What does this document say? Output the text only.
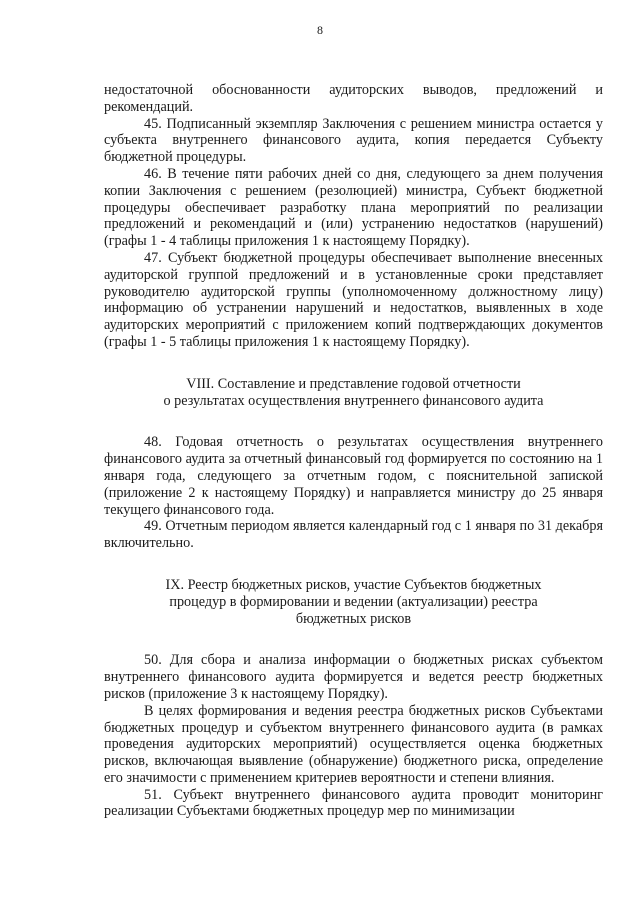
8

недостаточной обоснованности аудиторских выводов, предложений и рекомендаций.

45. Подписанный экземпляр Заключения с решением министра остается у субъекта внутреннего финансового аудита, копия передается Субъекту бюджетной процедуры.

46. В течение пяти рабочих дней со дня, следующего за днем получения копии Заключения с решением (резолюцией) министра, Субъект бюджетной процедуры обеспечивает разработку плана мероприятий по реализации предложений и рекомендаций и (или) устранению недостатков (нарушений) (графы 1 - 4 таблицы приложения 1 к настоящему Порядку).

47. Субъект бюджетной процедуры обеспечивает выполнение внесенных аудиторской группой предложений и в установленные сроки представляет руководителю аудиторской группы (уполномоченному должностному лицу) информацию об устранении нарушений и недостатков, выявленных в ходе аудиторских мероприятий с приложением копий подтверждающих документов (графы 1 - 5 таблицы приложения 1 к настоящему Порядку).

VIII. Составление и представление годовой отчетности
о результатах осуществления внутреннего финансового аудита

48. Годовая отчетность о результатах осуществления внутреннего финансового аудита за отчетный финансовый год формируется по состоянию на 1 января года, следующего за отчетным годом, с пояснительной запиской (приложение 2 к настоящему Порядку) и направляется министру до 25 января текущего финансового года.

49. Отчетным периодом является календарный год с 1 января по 31 декабря включительно.

IX. Реестр бюджетных рисков, участие Субъектов бюджетных
процедур в формировании и ведении (актуализации) реестра
бюджетных рисков

50. Для сбора и анализа информации о бюджетных рисках субъектом внутреннего финансового аудита формируется и ведется реестр бюджетных рисков (приложение 3 к настоящему Порядку).

В целях формирования и ведения реестра бюджетных рисков Субъектами бюджетных процедур и субъектом внутреннего финансового аудита (в рамках проведения аудиторских мероприятий) осуществляется оценка бюджетных рисков, включающая выявление (обнаружение) бюджетного риска, определение его значимости с применением критериев вероятности и степени влияния.

51. Субъект внутреннего финансового аудита проводит мониторинг реализации Субъектами бюджетных процедур мер по минимизации
